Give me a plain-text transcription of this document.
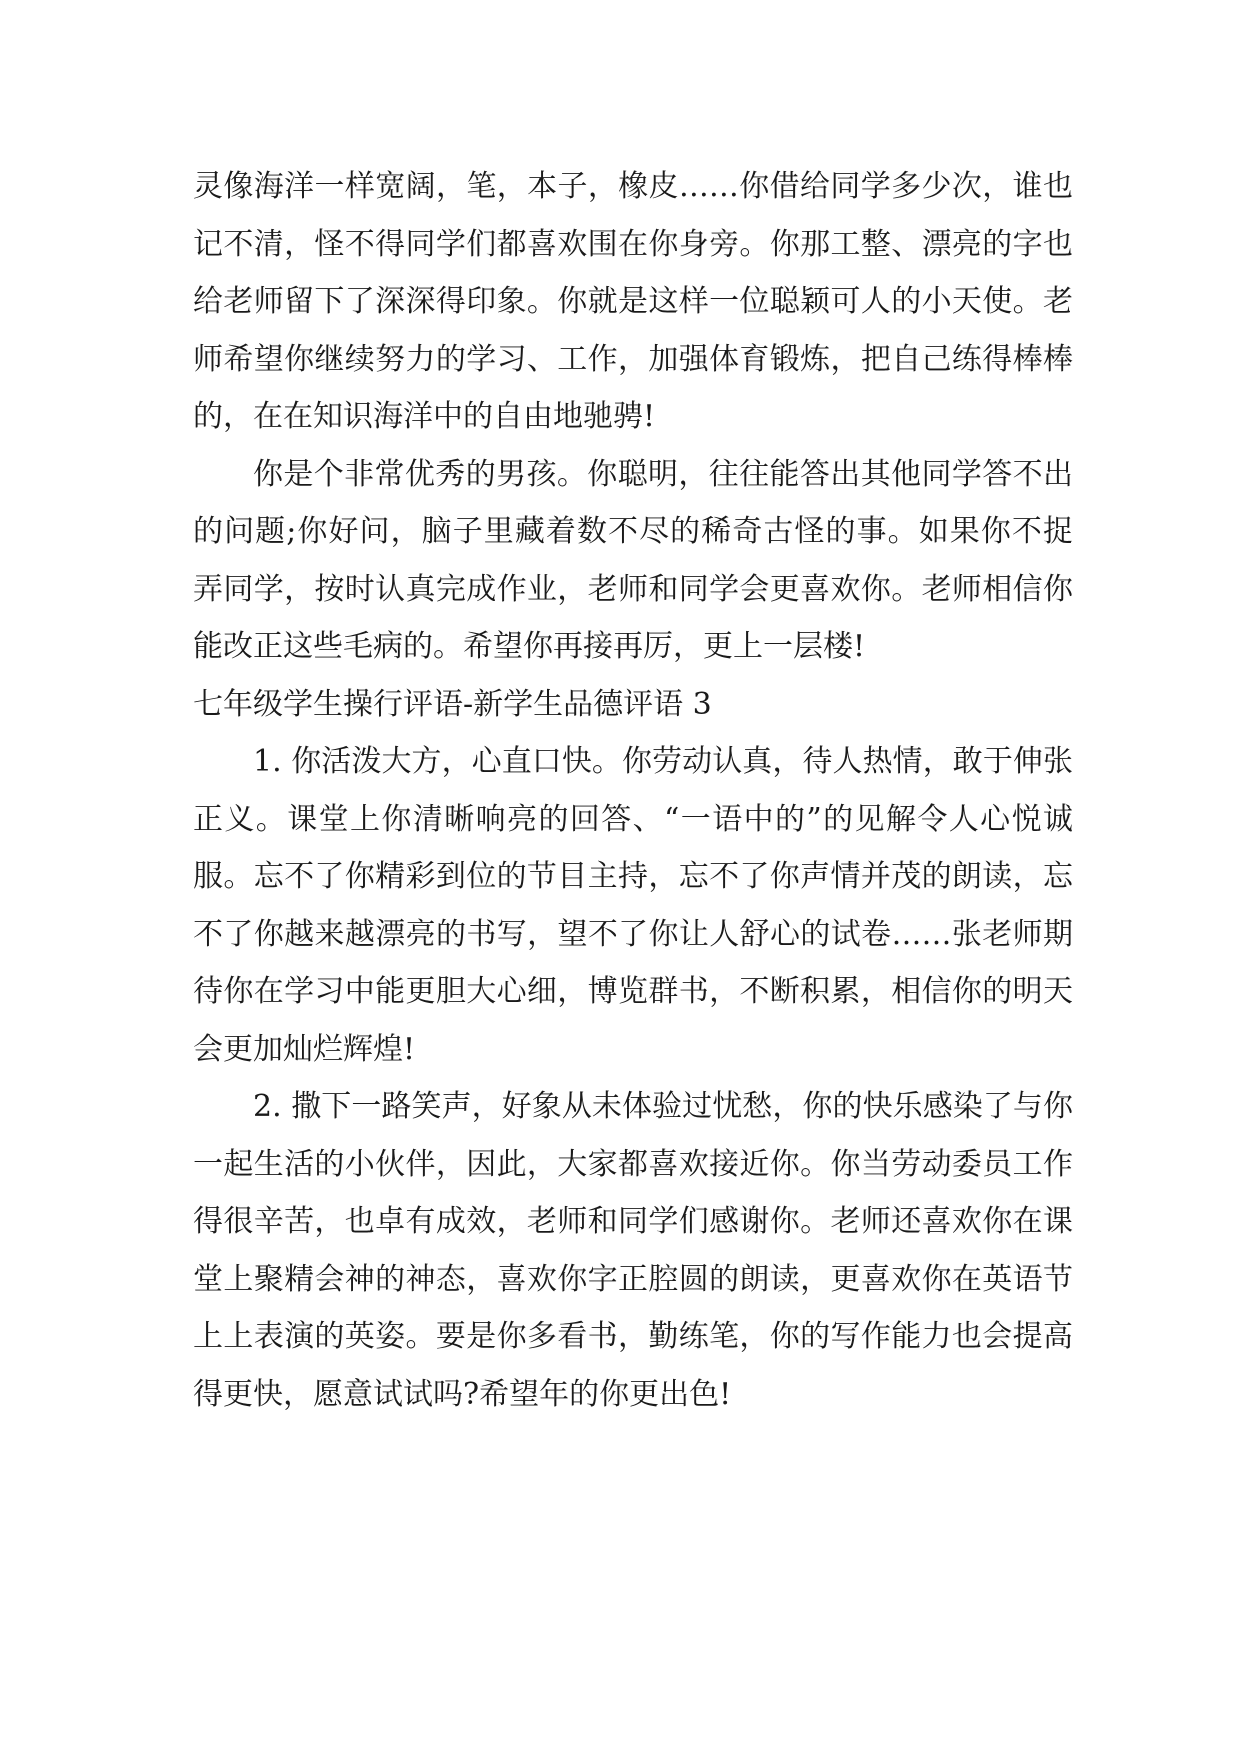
灵像海洋一样宽阔，笔，本子，橡皮……你借给同学多少次，谁也记不清，怪不得同学们都喜欢围在你身旁。你那工整、漂亮的字也给老师留下了深深得印象。你就是这样一位聪颖可人的小天使。老师希望你继续努力的学习、工作，加强体育锻炼，把自己练得棒棒的，在在知识海洋中的自由地驰骋!

你是个非常优秀的男孩。你聪明，往往能答出其他同学答不出的问题;你好问，脑子里藏着数不尽的稀奇古怪的事。如果你不捉弄同学，按时认真完成作业，老师和同学会更喜欢你。老师相信你能改正这些毛病的。希望你再接再厉，更上一层楼!

七年级学生操行评语-新学生品德评语 3

1. 你活泼大方，心直口快。你劳动认真，待人热情，敢于伸张正义。课堂上你清晰响亮的回答、“一语中的”的见解令人心悦诚服。忘不了你精彩到位的节目主持，忘不了你声情并茂的朗读，忘不了你越来越漂亮的书写，望不了你让人舒心的试卷……张老师期待你在学习中能更胆大心细，博览群书，不断积累，相信你的明天会更加灿烂辉煌!

2. 撒下一路笑声，好象从未体验过忧愁，你的快乐感染了与你一起生活的小伙伴，因此，大家都喜欢接近你。你当劳动委员工作得很辛苦，也卓有成效，老师和同学们感谢你。老师还喜欢你在课堂上聚精会神的神态，喜欢你字正腔圆的朗读，更喜欢你在英语节上上表演的英姿。要是你多看书，勤练笔，你的写作能力也会提高得更快，愿意试试吗?希望年的你更出色!
